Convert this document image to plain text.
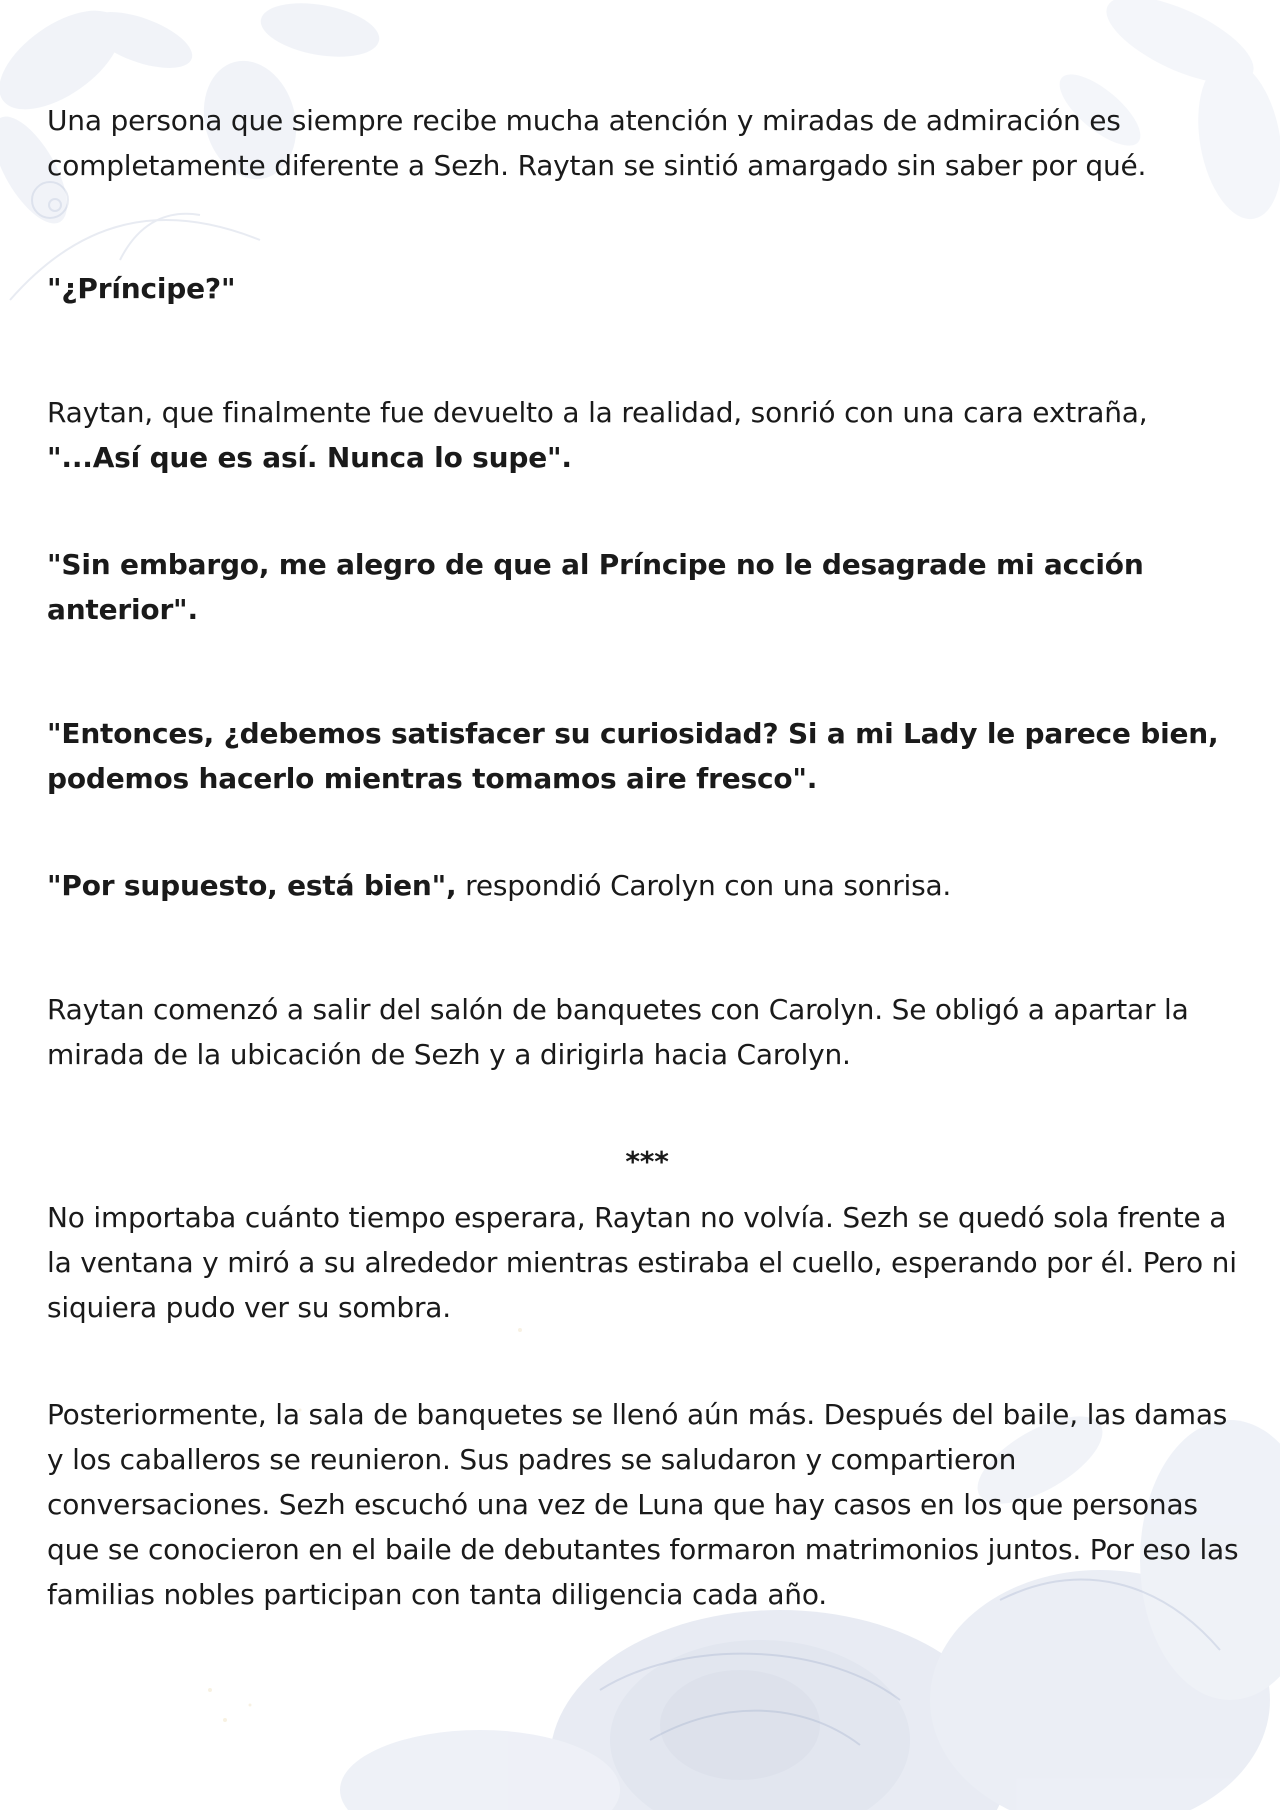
Una persona que siempre recibe mucha atención y miradas de admiración es completamente diferente a Sezh. Raytan se sintió amargado sin saber por qué.

"¿Príncipe?"

Raytan, que finalmente fue devuelto a la realidad, sonrió con una cara extraña, "...Así que es así. Nunca lo supe".

"Sin embargo, me alegro de que al Príncipe no le desagrade mi acción anterior".

"Entonces, ¿debemos satisfacer su curiosidad? Si a mi Lady le parece bien, podemos hacerlo mientras tomamos aire fresco".

"Por supuesto, está bien", respondió Carolyn con una sonrisa.

Raytan comenzó a salir del salón de banquetes con Carolyn. Se obligó a apartar la mirada de la ubicación de Sezh y a dirigirla hacia Carolyn.

***

No importaba cuánto tiempo esperara, Raytan no volvía. Sezh se quedó sola frente a la ventana y miró a su alrededor mientras estiraba el cuello, esperando por él. Pero ni siquiera pudo ver su sombra.

Posteriormente, la sala de banquetes se llenó aún más. Después del baile, las damas y los caballeros se reunieron. Sus padres se saludaron y compartieron conversaciones. Sezh escuchó una vez de Luna que hay casos en los que personas que se conocieron en el baile de debutantes formaron matrimonios juntos. Por eso las familias nobles participan con tanta diligencia cada año.
